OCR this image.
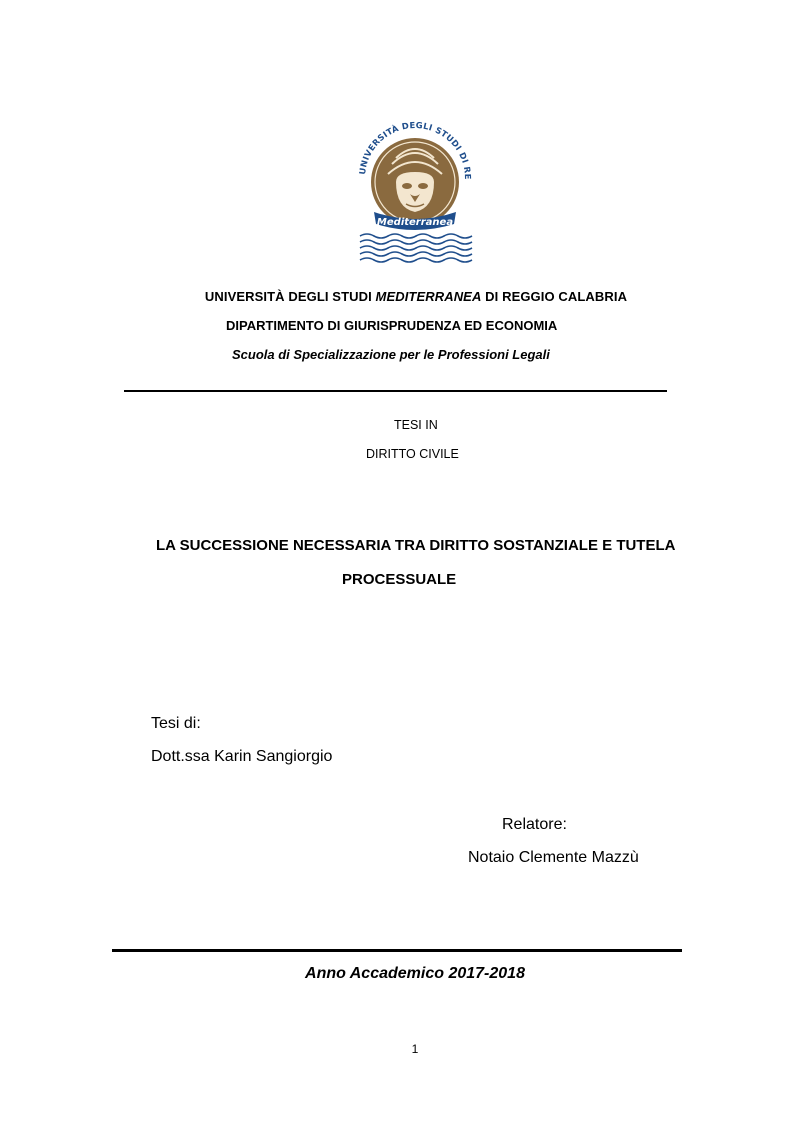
UNIVERSITÀ DEGLI STUDI DI RE
Mediterranea
UNIVERSITÀ DEGLI STUDI MEDITERRANEA DI REGGIO CALABRIA
DIPARTIMENTO DI GIURISPRUDENZA ED ECONOMIA
Scuola di Specializzazione per le Professioni Legali
TESI IN
DIRITTO CIVILE
LA SUCCESSIONE NECESSARIA TRA DIRITTO SOSTANZIALE E TUTELA
PROCESSUALE
Tesi di:
Dott.ssa Karin Sangiorgio
Relatore:
Notaio Clemente Mazzù
Anno Accademico 2017-2018
1
